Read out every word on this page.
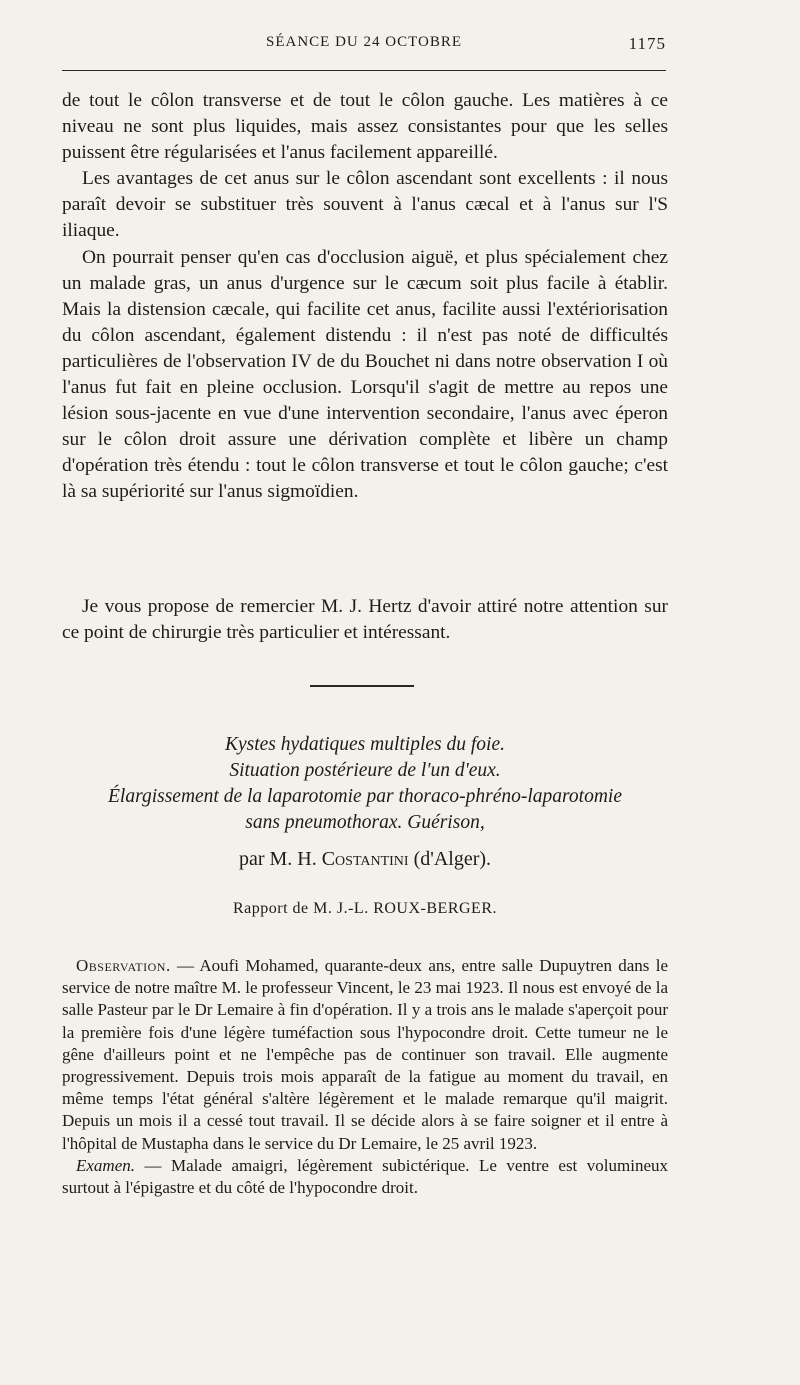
SÉANCE DU 24 OCTOBRE	1175

de tout le côlon transverse et de tout le côlon gauche. Les matières à ce niveau ne sont plus liquides, mais assez consistantes pour que les selles puissent être régularisées et l'anus facilement appareillé.

Les avantages de cet anus sur le côlon ascendant sont excellents : il nous paraît devoir se substituer très souvent à l'anus cæcal et à l'anus sur l'S iliaque.

On pourrait penser qu'en cas d'occlusion aiguë, et plus spécialement chez un malade gras, un anus d'urgence sur le cæcum soit plus facile à établir. Mais la distension cæcale, qui facilite cet anus, facilite aussi l'extériorisation du côlon ascendant, également distendu : il n'est pas noté de difficultés particulières de l'observation IV de du Bouchet ni dans notre observation I où l'anus fut fait en pleine occlusion. Lorsqu'il s'agit de mettre au repos une lésion sous-jacente en vue d'une intervention secondaire, l'anus avec éperon sur le côlon droit assure une dérivation complète et libère un champ d'opération très étendu : tout le côlon transverse et tout le côlon gauche; c'est là sa supériorité sur l'anus sigmoïdien.

Je vous propose de remercier M. J. Hertz d'avoir attiré notre attention sur ce point de chirurgie très particulier et intéressant.

Kystes hydatiques multiples du foie.
Situation postérieure de l'un d'eux.
Élargissement de la laparotomie par thoraco-phréno-laparotomie
sans pneumothorax. Guérison,
par M. H. Costantini (d'Alger).
Rapport de M. J.-L. ROUX-BERGER.

Observation. — Aoufi Mohamed, quarante-deux ans, entre salle Dupuytren dans le service de notre maître M. le professeur Vincent, le 23 mai 1923. Il nous est envoyé de la salle Pasteur par le Dr Lemaire à fin d'opération. Il y a trois ans le malade s'aperçoit pour la première fois d'une légère tuméfaction sous l'hypocondre droit. Cette tumeur ne le gêne d'ailleurs point et ne l'empêche pas de continuer son travail. Elle augmente progressivement. Depuis trois mois apparaît de la fatigue au moment du travail, en même temps l'état général s'altère légèrement et le malade remarque qu'il maigrit. Depuis un mois il a cessé tout travail. Il se décide alors à se faire soigner et il entre à l'hôpital de Mustapha dans le service du Dr Lemaire, le 25 avril 1923.

Examen. — Malade amaigri, légèrement subictérique. Le ventre est volumineux surtout à l'épigastre et du côté de l'hypocondre droit.
